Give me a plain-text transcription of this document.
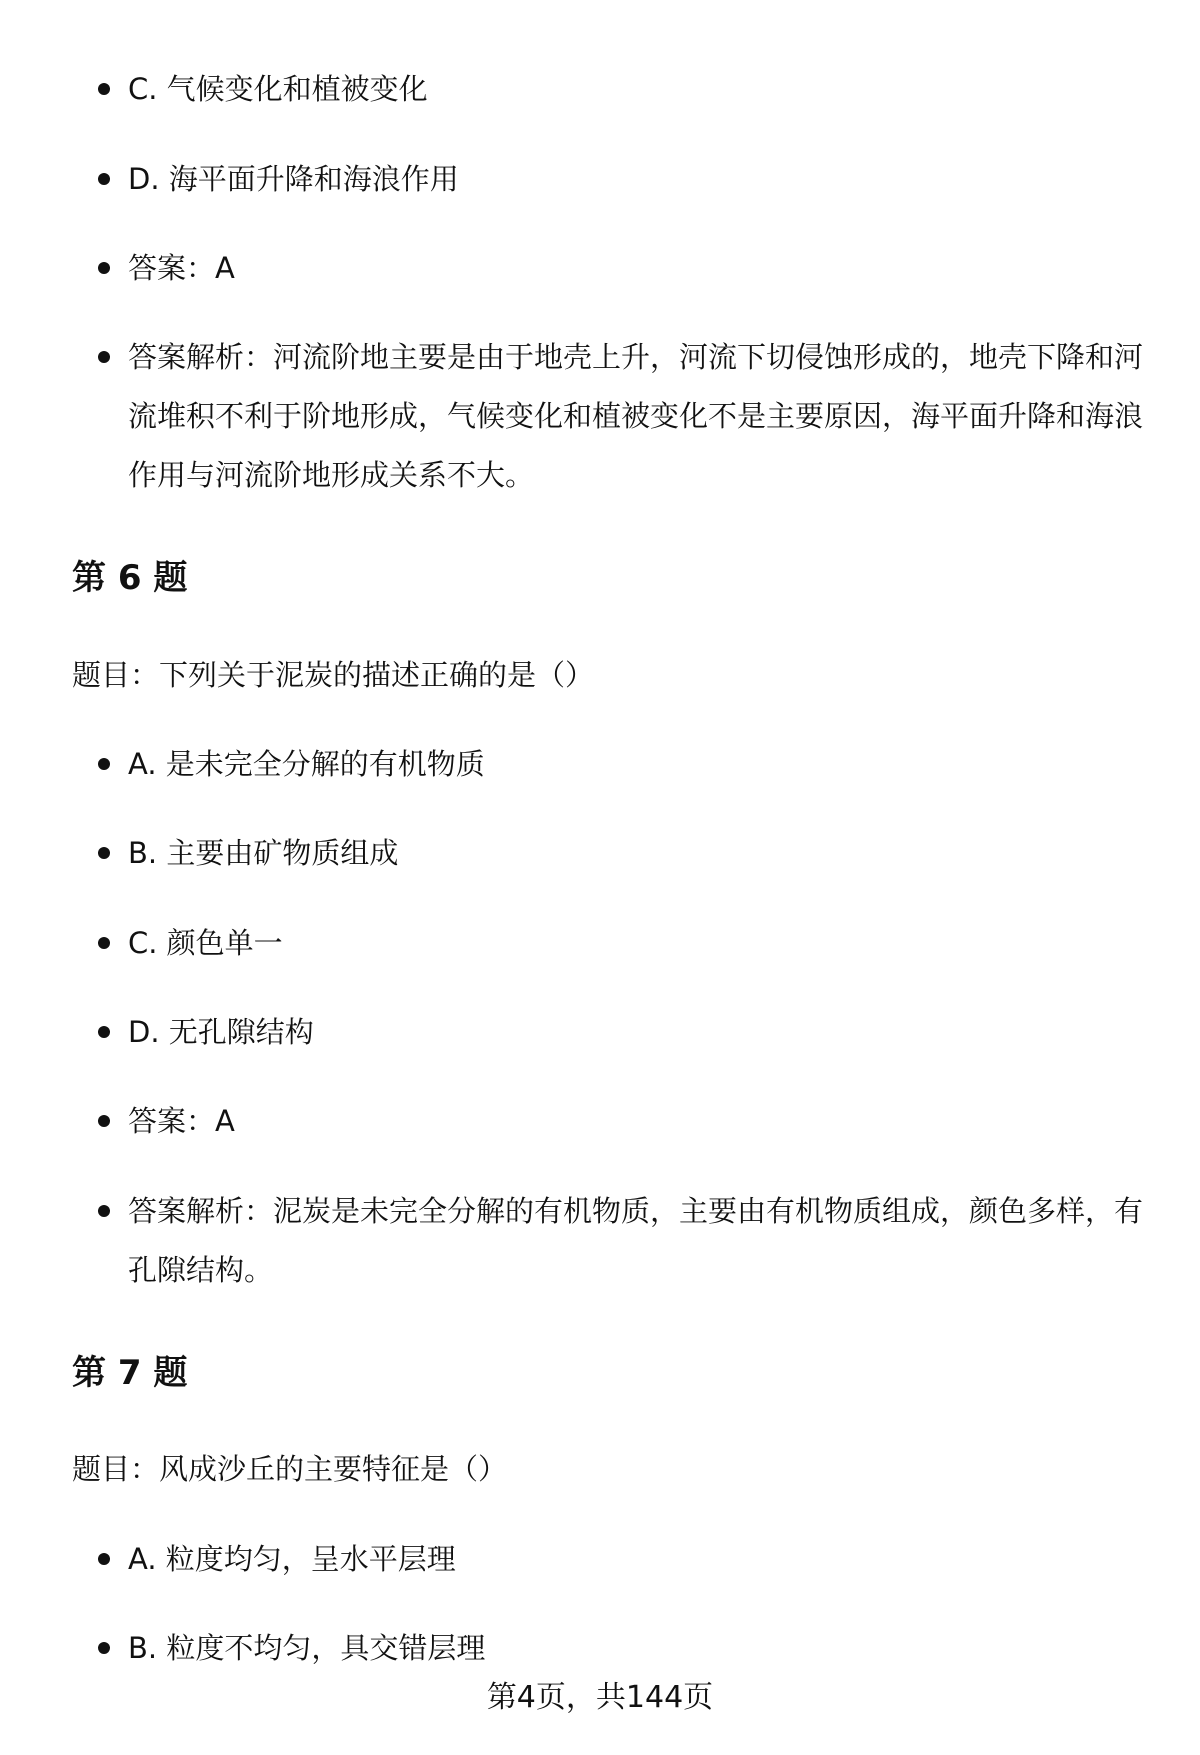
C. 气候变化和植被变化
D. 海平面升降和海浪作用
答案：A
答案解析：河流阶地主要是由于地壳上升，河流下切侵蚀形成的，地壳下降和河流堆积不利于阶地形成，气候变化和植被变化不是主要原因，海平面升降和海浪作用与河流阶地形成关系不大。
第 6 题
题目：下列关于泥炭的描述正确的是（）
A. 是未完全分解的有机物质
B. 主要由矿物质组成
C. 颜色单一
D. 无孔隙结构
答案：A
答案解析：泥炭是未完全分解的有机物质，主要由有机物质组成，颜色多样，有孔隙结构。
第 7 题
题目：风成沙丘的主要特征是（）
A. 粒度均匀，呈水平层理
B. 粒度不均匀，具交错层理
第4页，共144页
